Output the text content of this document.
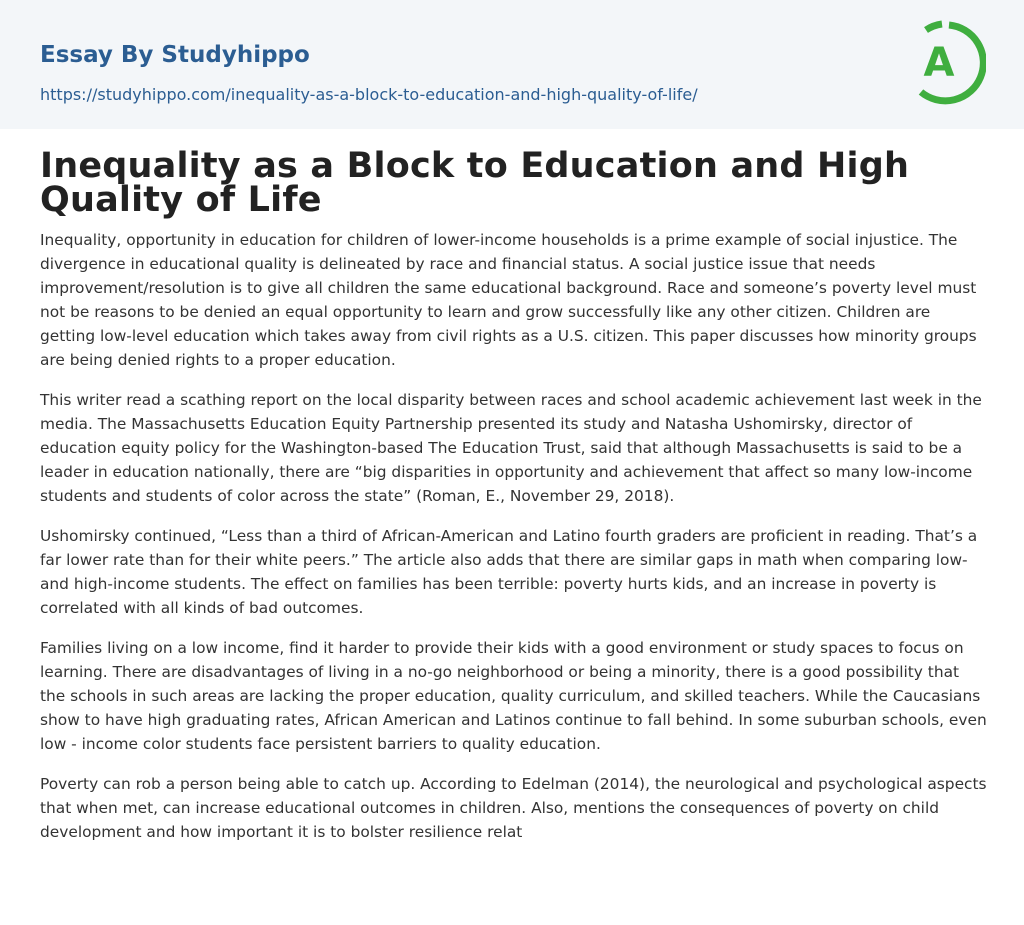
Essay By Studyhippo
https://studyhippo.com/inequality-as-a-block-to-education-and-high-quality-of-life/
A
Inequality as a Block to Education and High Quality of Life

Inequality, opportunity in education for children of lower-income households is a prime example of social injustice. The divergence in educational quality is delineated by race and financial status. A social justice issue that needs improvement/resolution is to give all children the same educational background. Race and someone’s poverty level must not be reasons to be denied an equal opportunity to learn and grow successfully like any other citizen. Children are getting low-level education which takes away from civil rights as a U.S. citizen. This paper discusses how minority groups are being denied rights to a proper education.

This writer read a scathing report on the local disparity between races and school academic achievement last week in the media. The Massachusetts Education Equity Partnership presented its study and Natasha Ushomirsky, director of education equity policy for the Washington-based The Education Trust, said that although Massachusetts is said to be a leader in education nationally, there are “big disparities in opportunity and achievement that affect so many low-income students and students of color across the state” (Roman, E., November 29, 2018).

Ushomirsky continued, “Less than a third of African-American and Latino fourth graders are proficient in reading. That’s a far lower rate than for their white peers.” The article also adds that there are similar gaps in math when comparing low- and high-income students. The effect on families has been terrible: poverty hurts kids, and an increase in poverty is correlated with all kinds of bad outcomes.

Families living on a low income, find it harder to provide their kids with a good environment or study spaces to focus on learning. There are disadvantages of living in a no-go neighborhood or being a minority, there is a good possibility that the schools in such areas are lacking the proper education, quality curriculum, and skilled teachers. While the Caucasians show to have high graduating rates, African American and Latinos continue to fall behind. In some suburban schools, even low - income color students face persistent barriers to quality education.

Poverty can rob a person being able to catch up. According to Edelman (2014), the neurological and psychological aspects that when met, can increase educational outcomes in children. Also, mentions the consequences of poverty on child development and how important it is to bolster resilience relat
